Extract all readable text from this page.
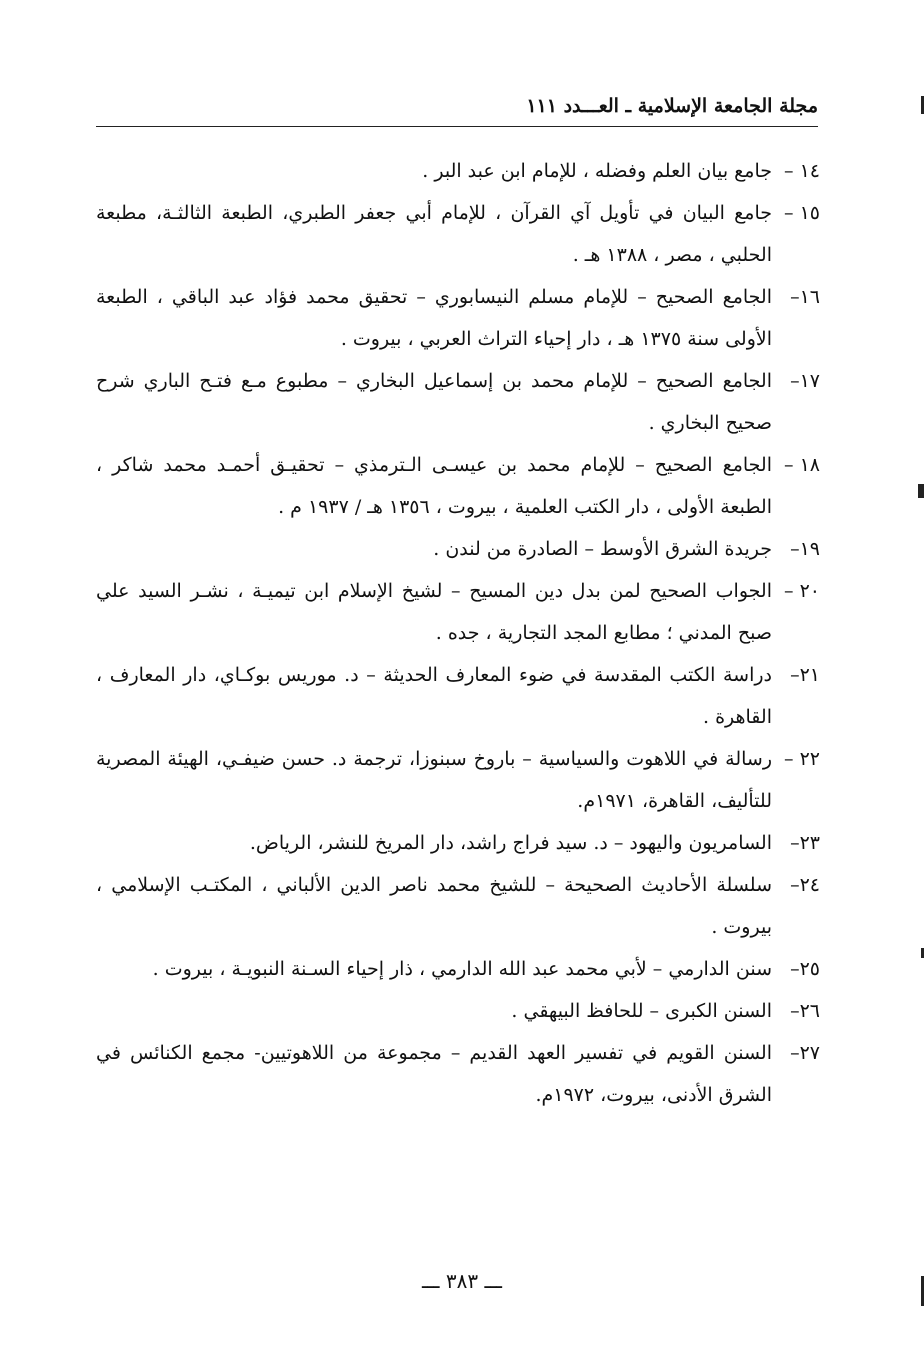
مجلة الجامعة الإسلامية ـ العـــدد ١١١
١٤ –
جامع بيان العلم وفضله ، للإمام ابن عبد البر .
١٥ –
جامع البيان في تأويل آي القرآن ، للإمام أبي جعفر الطبري، الطبعة الثالثـة، مطبعة الحلبي ، مصر ، ١٣٨٨ هـ .
١٦–
الجامع الصحيح – للإمام مسلم النيسابوري – تحقيق محمد فؤاد عبد الباقي ، الطبعة الأولى سنة ١٣٧٥ هـ ، دار إحياء التراث العربي ، بيروت .
١٧–
الجامع الصحيح – للإمام محمد بن إسماعيل البخاري – مطبوع مـع فتـح الباري شرح صحيح البخاري .
١٨ –
الجامع الصحيح – للإمام محمد بن عيسـى الـترمذي – تحقيـق أحمـد محمد شاكر ، الطبعة الأولى ، دار الكتب العلمية ، بيروت ، ١٣٥٦ هـ / ١٩٣٧ م .
١٩–
جريدة الشرق الأوسط – الصادرة من لندن .
٢٠ –
الجواب الصحيح لمن بدل دين المسيح – لشيخ الإسلام ابن تيميـة ، نشـر السيد علي صبح المدني ؛ مطابع المجد التجارية ، جده .
٢١–
دراسة الكتب المقدسة في ضوء المعارف الحديثة – د. موريس بوكـاي، دار المعارف ، القاهرة .
٢٢ –
رسالة في اللاهوت والسياسية – باروخ سبنوزا، ترجمة د. حسن ضيفـي، الهيئة المصرية للتأليف، القاهرة، ١٩٧١م.
٢٣–
السامريون واليهود – د. سيد فراج راشد، دار المريخ للنشر، الرياض.
٢٤–
سلسلة الأحاديث الصحيحة – للشيخ محمد ناصر الدين الألباني ، المكتـب الإسلامي ، بيروت .
٢٥–
سنن الدارمي – لأبي محمد عبد الله الدارمي ، ذار إحياء السـنة النبويـة ، بيروت .
٢٦–
السنن الكبرى – للحافظ البيهقي .
٢٧–
السنن القويم في تفسير العهد القديم – مجموعة من اللاهوتيين- مجمع الكنائس في الشرق الأدنى، بيروت، ١٩٧٢م.
ـــ ٣٨٣ ـــ
